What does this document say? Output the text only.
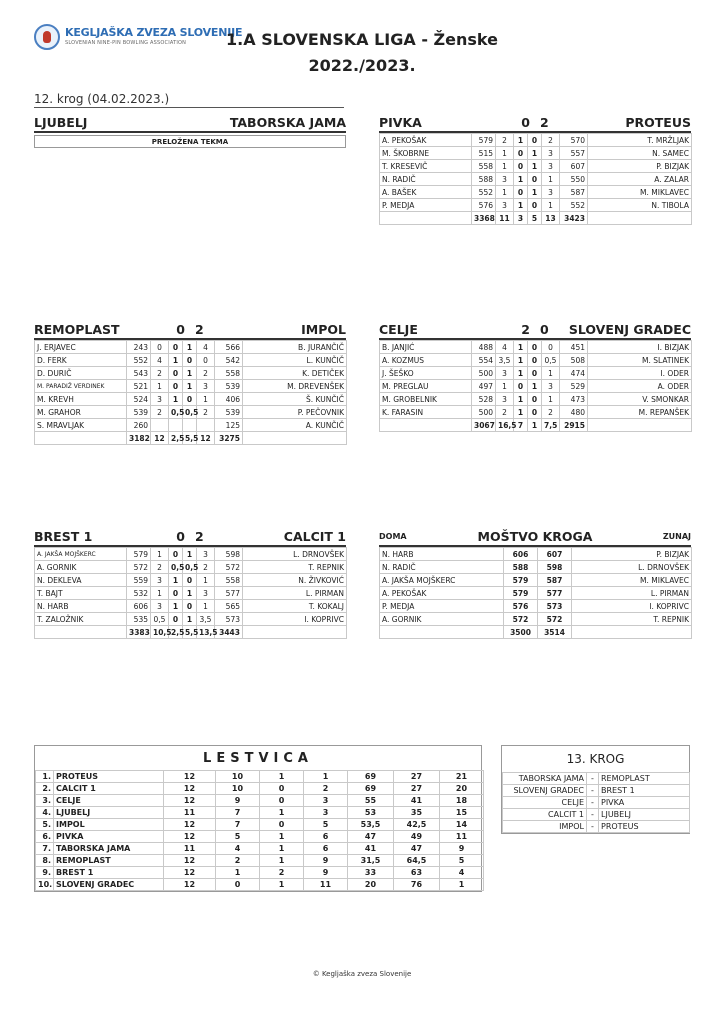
KEGLJAŠKA ZVEZA SLOVENIJE
SLOVENIAN NINE-PIN BOWLING ASSOCIATION	1.A SLOVENSKA LIGA - Ženske
2022./2023.
12. krog (04.02.2023.)
LJUBELJ	TABORSKA JAMA
PRELOŽENA TEKMA
PIVKA	0 2	PROTEUS
A. PEKOŠAK	579	2	1	0	2	570	T. MRŽLJAK
M. ŠKOBRNE	515	1	0	1	3	557	N. SAMEC
T. KRESEVIČ	558	1	0	1	3	607	P. BIZJAK
N. RADIČ	588	3	1	0	1	550	A. ZALAR
A. BAŠEK	552	1	0	1	3	587	M. MIKLAVEC
P. MEDJA	576	3	1	0	1	552	N. TIBOLA
	3368	11	3	5	13	3423	
REMOPLAST	0 2	IMPOL
J. ERJAVEC	243	0	0	1	4	566	B. JURANČIČ
D. FERK	552	4	1	0	0	542	L. KUNČIČ
D. DURIČ	543	2	0	1	2	558	K. DETIČEK
M. PARADIŽ VERDINEK	521	1	0	1	3	539	M. DREVENŠEK
M. KREVH	524	3	1	0	1	406	Š. KUNČIČ
M. GRAHOR	539	2	0,5	0,5	2	539	P. PEČOVNIK
S. MRAVLJAK	260					125	A. KUNČIČ
	3182	12	2,5	5,5	12	3275	
CELJE	2 0	SLOVENJ GRADEC
B. JANJIĆ	488	4	1	0	0	451	I. BIZJAK
A. KOZMUS	554	3,5	1	0	0,5	508	M. SLATINEK
J. ŠEŠKO	500	3	1	0	1	474	I. ODER
M. PREGLAU	497	1	0	1	3	529	A. ODER
M. GROBELNIK	528	3	1	0	1	473	V. SMONKAR
K. FARASIN	500	2	1	0	2	480	M. REPANŠEK
	3067	16,5	7	1	7,5	2915	
BREST 1	0 2	CALCIT 1
A. JAKŠA MOJŠKERC	579	1	0	1	3	598	L. DRNOVŠEK
A. GORNIK	572	2	0,5	0,5	2	572	T. REPNIK
N. DEKLEVA	559	3	1	0	1	558	N. ŽIVKOVIĆ
T. BAJT	532	1	0	1	3	577	L. PIRMAN
N. HARB	606	3	1	0	1	565	T. KOKALJ
T. ZALOŽNIK	535	0,5	0	1	3,5	573	I. KOPRIVC
	3383	10,5	2,5	5,5	13,5	3443	
DOMA	MOŠTVO KROGA	ZUNAJ
N. HARB	606	607	P. BIZJAK
N. RADIČ	588	598	L. DRNOVŠEK
A. JAKŠA MOJŠKERC	579	587	M. MIKLAVEC
A. PEKOŠAK	579	577	L. PIRMAN
P. MEDJA	576	573	I. KOPRIVC
A. GORNIK	572	572	T. REPNIK
	3500	3514	
LESTVICA
1.	PROTEUS	12	10	1	1	69	27	21
2.	CALCIT 1	12	10	0	2	69	27	20
3.	CELJE	12	9	0	3	55	41	18
4.	LJUBELJ	11	7	1	3	53	35	15
5.	IMPOL	12	7	0	5	53,5	42,5	14
6.	PIVKA	12	5	1	6	47	49	11
7.	TABORSKA JAMA	11	4	1	6	41	47	9
8.	REMOPLAST	12	2	1	9	31,5	64,5	5
9.	BREST 1	12	1	2	9	33	63	4
10.	SLOVENJ GRADEC	12	0	1	11	20	76	1
13. KROG
TABORSKA JAMA	-	REMOPLAST
SLOVENJ GRADEC	-	BREST 1
CELJE	-	PIVKA
CALCIT 1	-	LJUBELJ
IMPOL	-	PROTEUS
© Kegljaška zveza Slovenije
